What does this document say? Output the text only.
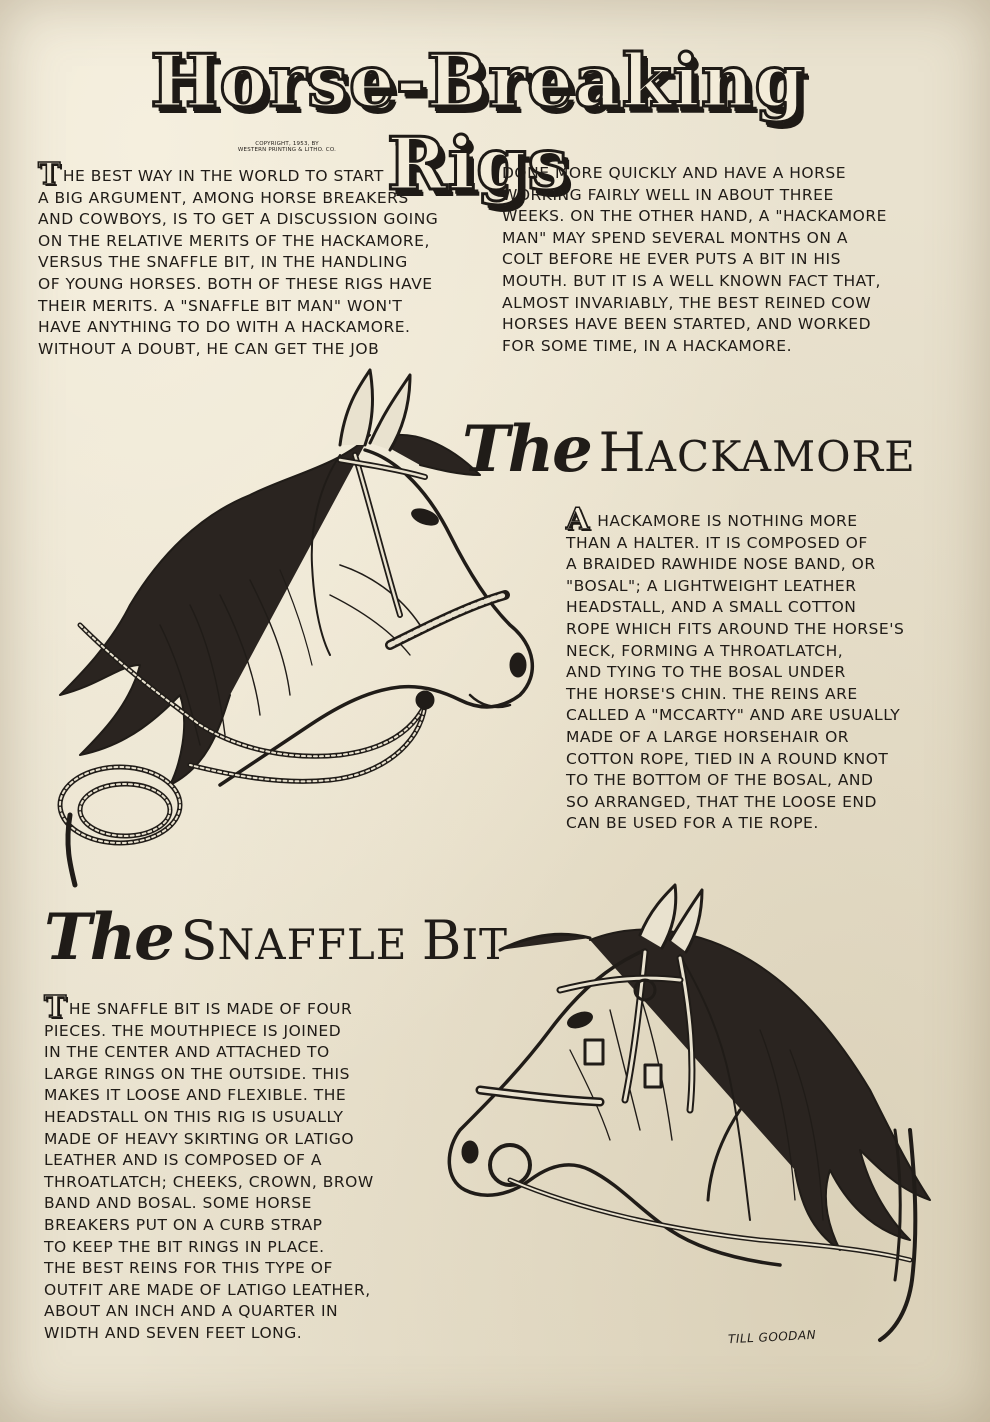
Horse-Breaking Rigs
COPYRIGHT, 1953, BY
WESTERN PRINTING & LITHO. CO.

THE BEST WAY IN THE WORLD TO START
A BIG ARGUMENT, AMONG HORSE BREAKERS
AND COWBOYS, IS TO GET A DISCUSSION GOING
ON THE RELATIVE MERITS OF THE HACKAMORE,
VERSUS THE SNAFFLE BIT, IN THE HANDLING
OF YOUNG HORSES. BOTH OF THESE RIGS HAVE
THEIR MERITS. A "SNAFFLE BIT MAN" WON'T
HAVE ANYTHING TO DO WITH A HACKAMORE.
WITHOUT A DOUBT, HE CAN GET THE JOB

DONE MORE QUICKLY AND HAVE A HORSE
WORKING FAIRLY WELL IN ABOUT THREE
WEEKS. ON THE OTHER HAND, A "HACKAMORE
MAN" MAY SPEND SEVERAL MONTHS ON A
COLT BEFORE HE EVER PUTS A BIT IN HIS
MOUTH. BUT IT IS A WELL KNOWN FACT THAT,
ALMOST INVARIABLY, THE BEST REINED COW
HORSES HAVE BEEN STARTED, AND WORKED
FOR SOME TIME, IN A HACKAMORE.

The HACKAMORE

A HACKAMORE IS NOTHING MORE
THAN A HALTER. IT IS COMPOSED OF
A BRAIDED RAWHIDE NOSE BAND, OR
"BOSAL"; A LIGHTWEIGHT LEATHER
HEADSTALL, AND A SMALL COTTON
ROPE WHICH FITS AROUND THE HORSE'S
NECK, FORMING A THROATLATCH,
AND TYING TO THE BOSAL UNDER
THE HORSE'S CHIN. THE REINS ARE
CALLED A "MCCARTY" AND ARE USUALLY
MADE OF A LARGE HORSEHAIR OR
COTTON ROPE, TIED IN A ROUND KNOT
TO THE BOTTOM OF THE BOSAL, AND
SO ARRANGED, THAT THE LOOSE END
CAN BE USED FOR A TIE ROPE.

The SNAFFLE BIT

THE SNAFFLE BIT IS MADE OF FOUR
PIECES. THE MOUTHPIECE IS JOINED
IN THE CENTER AND ATTACHED TO
LARGE RINGS ON THE OUTSIDE. THIS
MAKES IT LOOSE AND FLEXIBLE. THE
HEADSTALL ON THIS RIG IS USUALLY
MADE OF HEAVY SKIRTING OR LATIGO
LEATHER AND IS COMPOSED OF A
THROATLATCH; CHEEKS, CROWN, BROW
BAND AND BOSAL. SOME HORSE
BREAKERS PUT ON A CURB STRAP
TO KEEP THE BIT RINGS IN PLACE.
THE BEST REINS FOR THIS TYPE OF
OUTFIT ARE MADE OF LATIGO LEATHER,
ABOUT AN INCH AND A QUARTER IN
WIDTH AND SEVEN FEET LONG.	TILL GOODAN
